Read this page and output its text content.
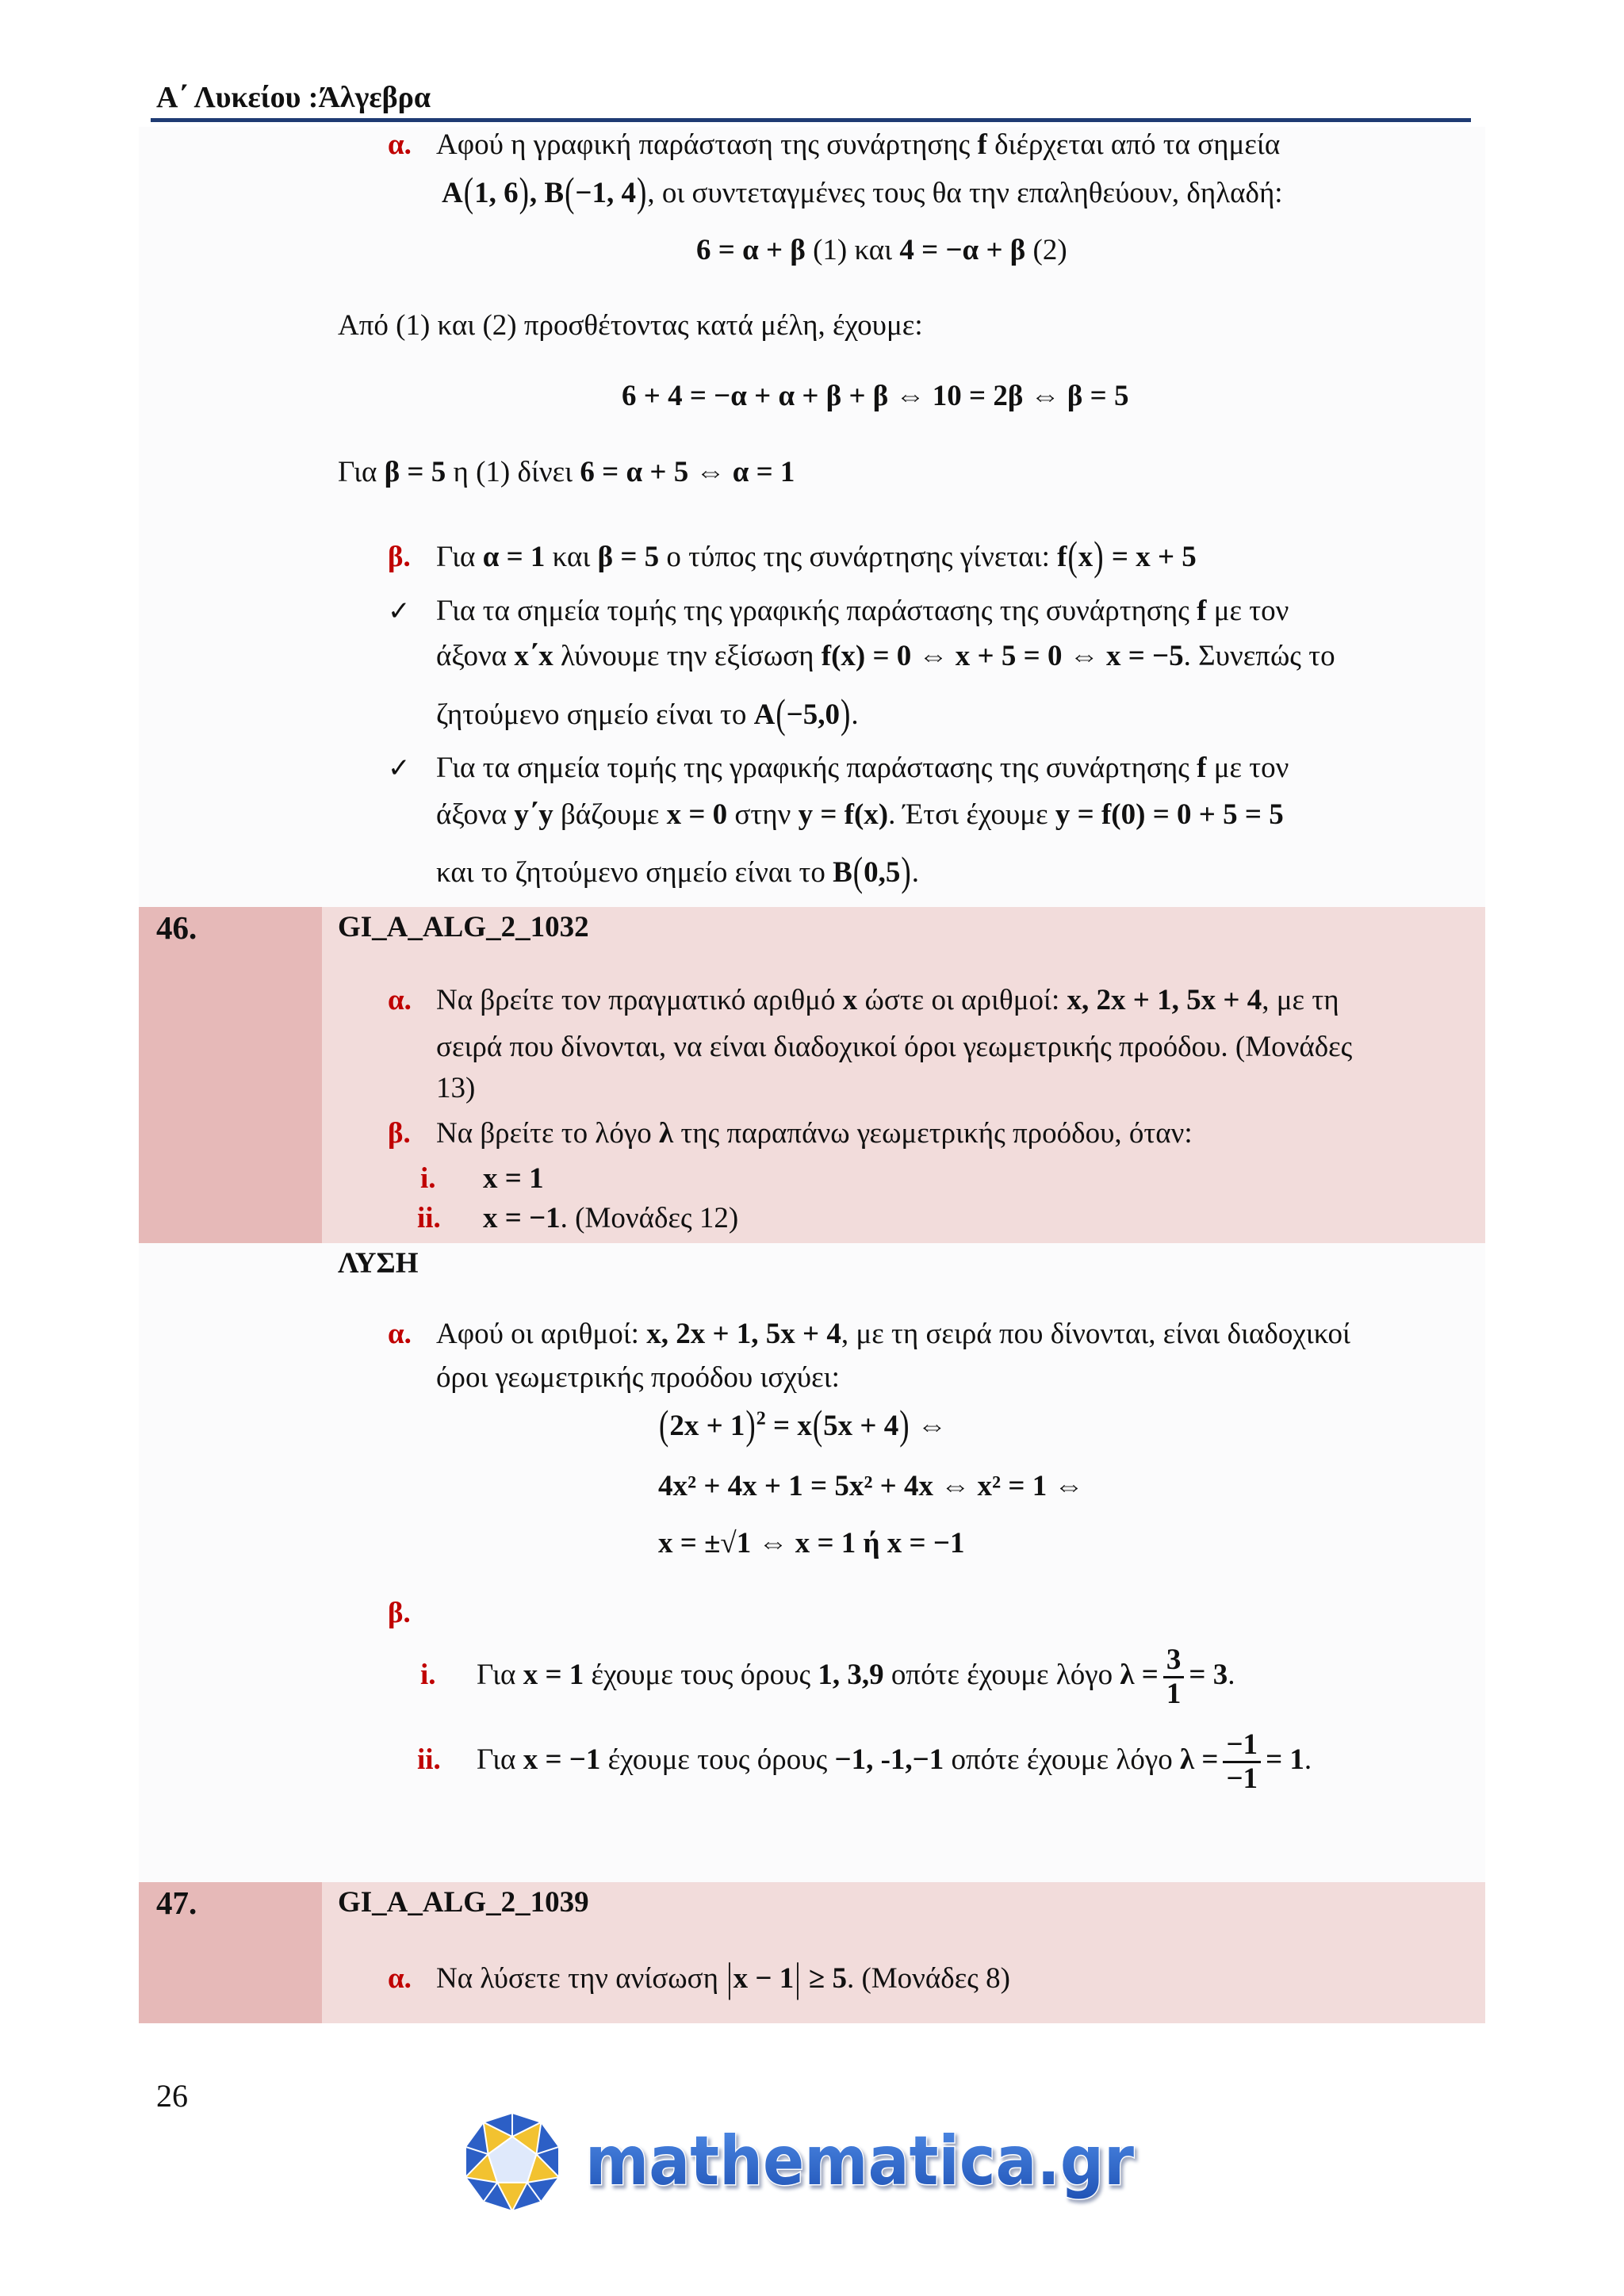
Α΄ Λυκείου :Άλγεβρα
α. Αφού η γραφική παράσταση της συνάρτησης f διέρχεται από τα σημεία
Α(1, 6), Β(−1, 4), οι συντεταγμένες τους θα την επαληθεύουν, δηλαδή:
6 = α + β (1) και 4 = −α + β (2)
Από (1) και (2) προσθέτοντας κατά μέλη, έχουμε:
6 + 4 = −α + α + β + β ⇔ 10 = 2β ⇔ β = 5
Για β = 5 η (1) δίνει 6 = α + 5 ⇔ α = 1
β. Για α = 1 και β = 5 ο τύπος της συνάρτησης γίνεται: f(x) = x + 5
✓ Για τα σημεία τομής της γραφικής παράστασης της συνάρτησης f με τον
άξονα x΄x λύνουμε την εξίσωση f(x) = 0 ⇔ x + 5 = 0 ⇔ x = −5. Συνεπώς το
ζητούμενο σημείο είναι το Α(−5,0).
✓ Για τα σημεία τομής της γραφικής παράστασης της συνάρτησης f με τον
άξονα y΄y βάζουμε x = 0 στην y = f(x). Έτσι έχουμε y = f(0) = 0 + 5 = 5
και το ζητούμενο σημείο είναι το Β(0,5).
46.	GI_A_ALG_2_1032
α. Να βρείτε τον πραγματικό αριθμό x ώστε οι αριθμοί: x, 2x + 1, 5x + 4, με τη
σειρά που δίνονται, να είναι διαδοχικοί όροι γεωμετρικής προόδου. (Μονάδες
13)
β. Να βρείτε το λόγο λ της παραπάνω γεωμετρικής προόδου, όταν:
i. x = 1
ii. x = −1. (Μονάδες 12)
ΛΥΣΗ
α. Αφού οι αριθμοί: x, 2x + 1, 5x + 4, με τη σειρά που δίνονται, είναι διαδοχικοί
όροι γεωμετρικής προόδου ισχύει:
$(2x + 1)^2 = x(5x + 4)$ ⇔
4x² + 4x + 1 = 5x² + 4x ⇔ x² = 1 ⇔
x = ±√1 ⇔ x = 1 ή x = −1
β.
i. Για x = 1 έχουμε τους όρους 1, 3,9 οπότε έχουμε λόγο $\lambda = \frac{3}{1} = 3$.
ii. Για x = −1 έχουμε τους όρους −1, -1,−1 οπότε έχουμε λόγο $\lambda = \frac{-1}{-1} = 1$.
47.	GI_A_ALG_2_1039
α. Να λύσετε την ανίσωση |x − 1| ≥ 5. (Μονάδες 8)
26
mathematica.gr
